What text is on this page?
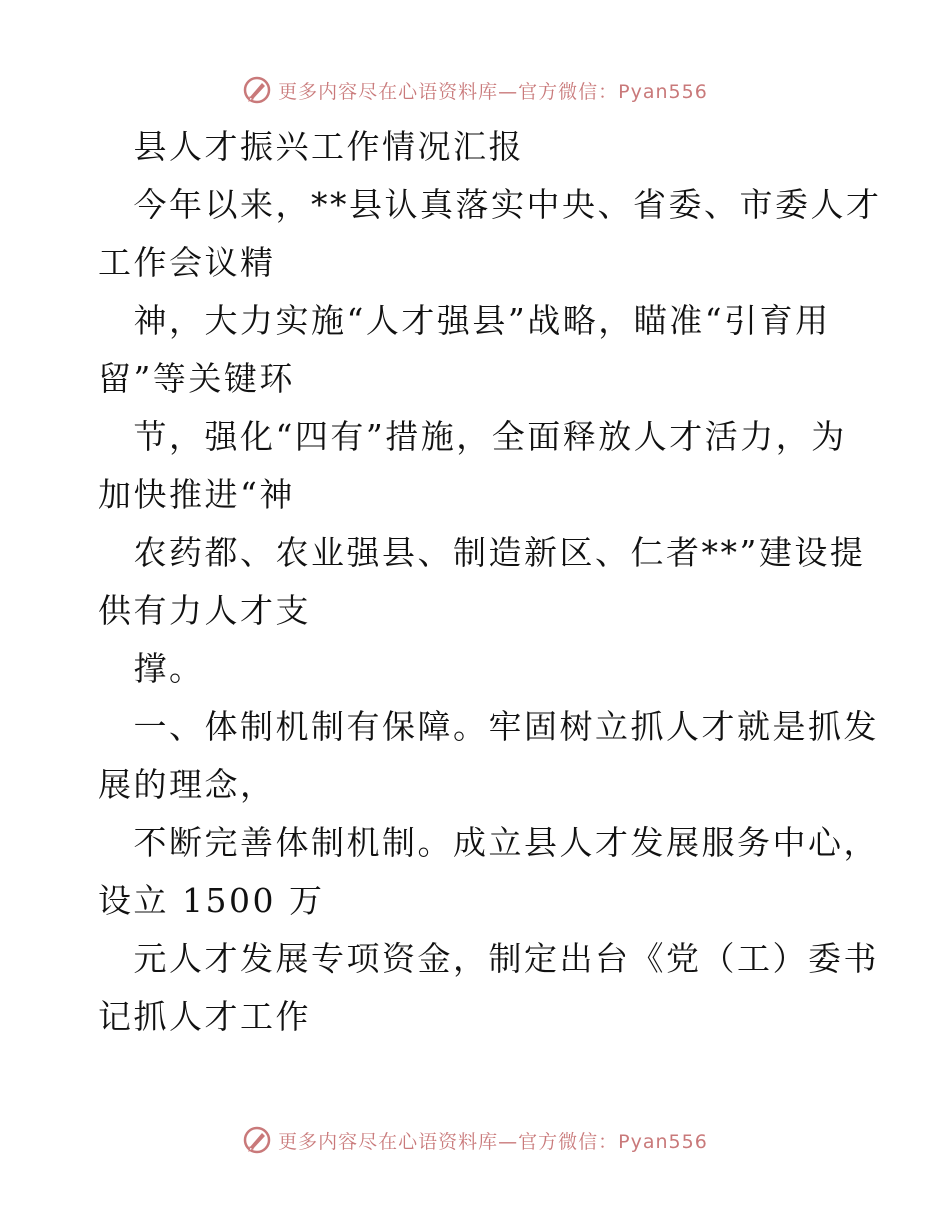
更多内容尽在心语资料库—官方微信：Pyan556

　县人才振兴工作情况汇报

　今年以来，**县认真落实中央、省委、市委人才

工作会议精

　神，大力实施“人才强县”战略，瞄准“引育用

留”等关键环

　节，强化“四有”措施，全面释放人才活力，为

加快推进“神

　农药都、农业强县、制造新区、仁者**”建设提

供有力人才支

　撑。

　一、体制机制有保障。牢固树立抓人才就是抓发

展的理念，

　不断完善体制机制。成立县人才发展服务中心，

设立 1500 万

　元人才发展专项资金，制定出台《党（工）委书

记抓人才工作

更多内容尽在心语资料库—官方微信：Pyan556
